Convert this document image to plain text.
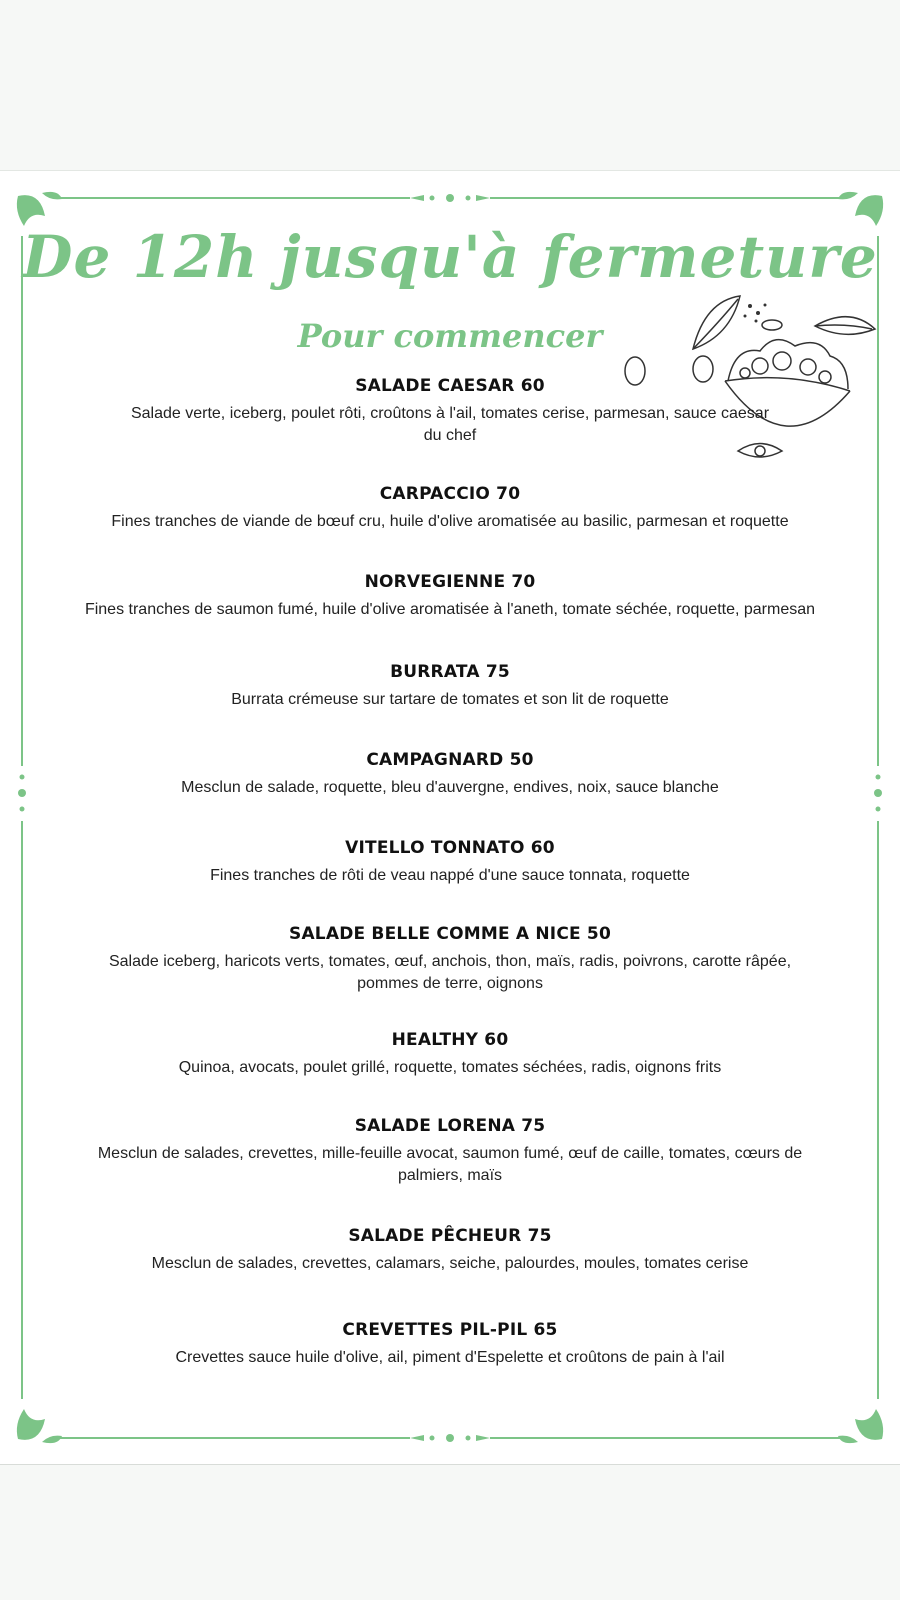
De 12h jusqu'à fermeture
Pour commencer
SALADE CAESAR 60
Salade verte, iceberg, poulet rôti, croûtons à l'ail, tomates cerise, parmesan, sauce caesar du chef
CARPACCIO 70
Fines tranches de viande de bœuf cru, huile d'olive aromatisée au basilic, parmesan et roquette
NORVEGIENNE 70
Fines tranches de saumon fumé, huile d'olive aromatisée à l'aneth, tomate séchée, roquette, parmesan
BURRATA 75
Burrata crémeuse sur tartare de tomates et son lit de roquette
CAMPAGNARD 50
Mesclun de salade, roquette, bleu d'auvergne, endives, noix, sauce blanche
VITELLO TONNATO 60
Fines tranches de rôti de veau nappé d'une sauce tonnata, roquette
SALADE BELLE COMME A NICE 50
Salade iceberg, haricots verts, tomates, œuf, anchois, thon, maïs, radis, poivrons, carotte râpée, pommes de terre, oignons
HEALTHY 60
Quinoa, avocats, poulet grillé, roquette, tomates séchées, radis, oignons frits
SALADE LORENA 75
Mesclun de salades, crevettes, mille-feuille avocat, saumon fumé, œuf de caille, tomates, cœurs de palmiers, maïs
SALADE PÊCHEUR 75
Mesclun de salades, crevettes, calamars, seiche, palourdes, moules, tomates cerise
CREVETTES PIL-PIL 65
Crevettes sauce huile d'olive, ail, piment d'Espelette et croûtons de pain à l'ail
